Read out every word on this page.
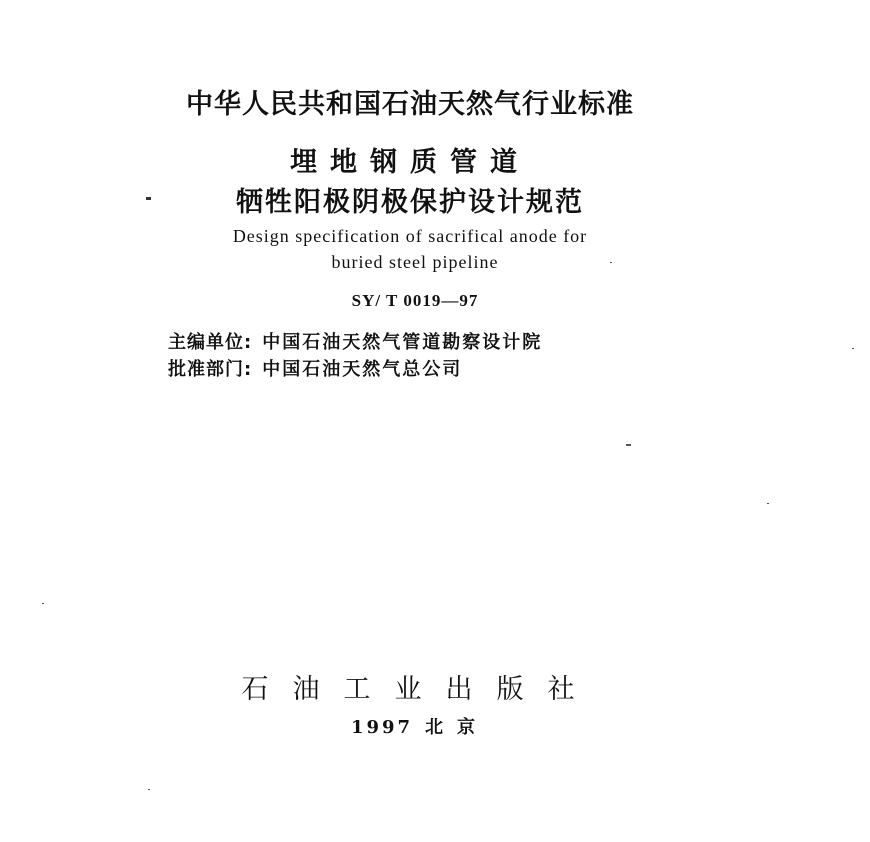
中华人民共和国石油天然气行业标准
埋地钢质管道
牺牲阳极阴极保护设计规范
Design specification of sacrifical anode for
buried steel pipeline
SY/ T 0019—97
主编单位: 中国石油天然气管道勘察设计院
批准部门: 中国石油天然气总公司
石油工业出版社
1997 北京
